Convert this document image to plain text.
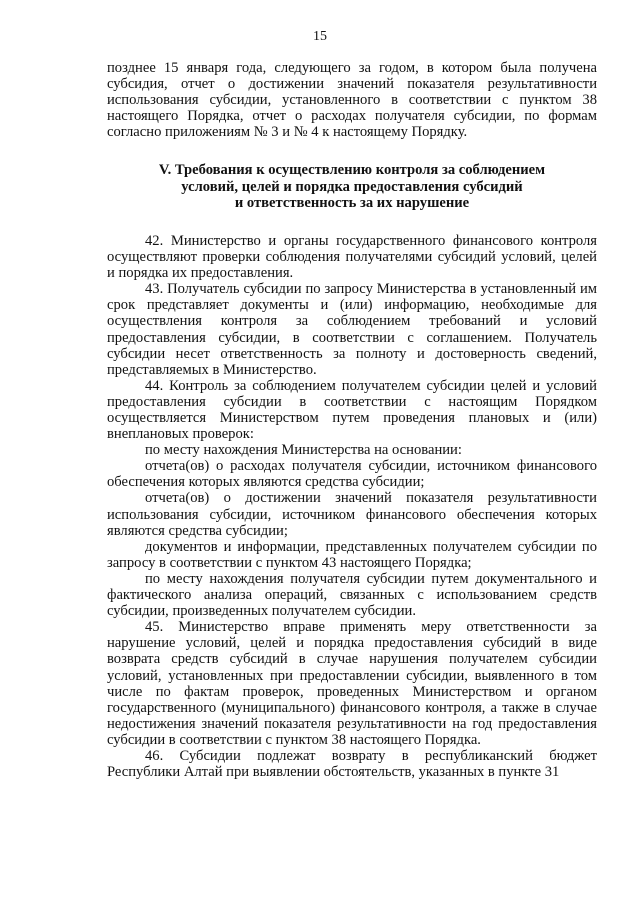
15

позднее 15 января года, следующего за годом, в котором была получена субсидия, отчет о достижении значений показателя результативности использования субсидии, установленного в соответствии с пунктом 38 настоящего Порядка, отчет о расходах получателя субсидии, по формам согласно приложениям № 3 и № 4 к настоящему Порядку.

V. Требования к осуществлению контроля за соблюдением
условий, целей и порядка предоставления субсидий
и ответственность за их нарушение

42. Министерство и органы государственного финансового контроля осуществляют проверки соблюдения получателями субсидий условий, целей и порядка их предоставления.

43. Получатель субсидии по запросу Министерства в установленный им срок представляет документы и (или) информацию, необходимые для осуществления контроля за соблюдением требований и условий предоставления субсидии, в соответствии с соглашением. Получатель субсидии несет ответственность за полноту и достоверность сведений, представляемых в Министерство.

44. Контроль за соблюдением получателем субсидии целей и условий предоставления субсидии в соответствии с настоящим Порядком осуществляется Министерством путем проведения плановых и (или) внеплановых проверок:

по месту нахождения Министерства на основании:

отчета(ов) о расходах получателя субсидии, источником финансового обеспечения которых являются средства субсидии;

отчета(ов) о достижении значений показателя результативности использования субсидии, источником финансового обеспечения которых являются средства субсидии;

документов и информации, представленных получателем субсидии по запросу в соответствии с пунктом 43 настоящего Порядка;

по месту нахождения получателя субсидии путем документального и фактического анализа операций, связанных с использованием средств субсидии, произведенных получателем субсидии.

45. Министерство вправе применять меру ответственности за нарушение условий, целей и порядка предоставления субсидий в виде возврата средств субсидий в случае нарушения получателем субсидии условий, установленных при предоставлении субсидии, выявленного в том числе по фактам проверок, проведенных Министерством и органом государственного (муниципального) финансового контроля, а также в случае недостижения значений показателя результативности на год предоставления субсидии в соответствии с пунктом 38 настоящего Порядка.

46. Субсидии подлежат возврату в республиканский бюджет Республики Алтай при выявлении обстоятельств, указанных в пункте 31
